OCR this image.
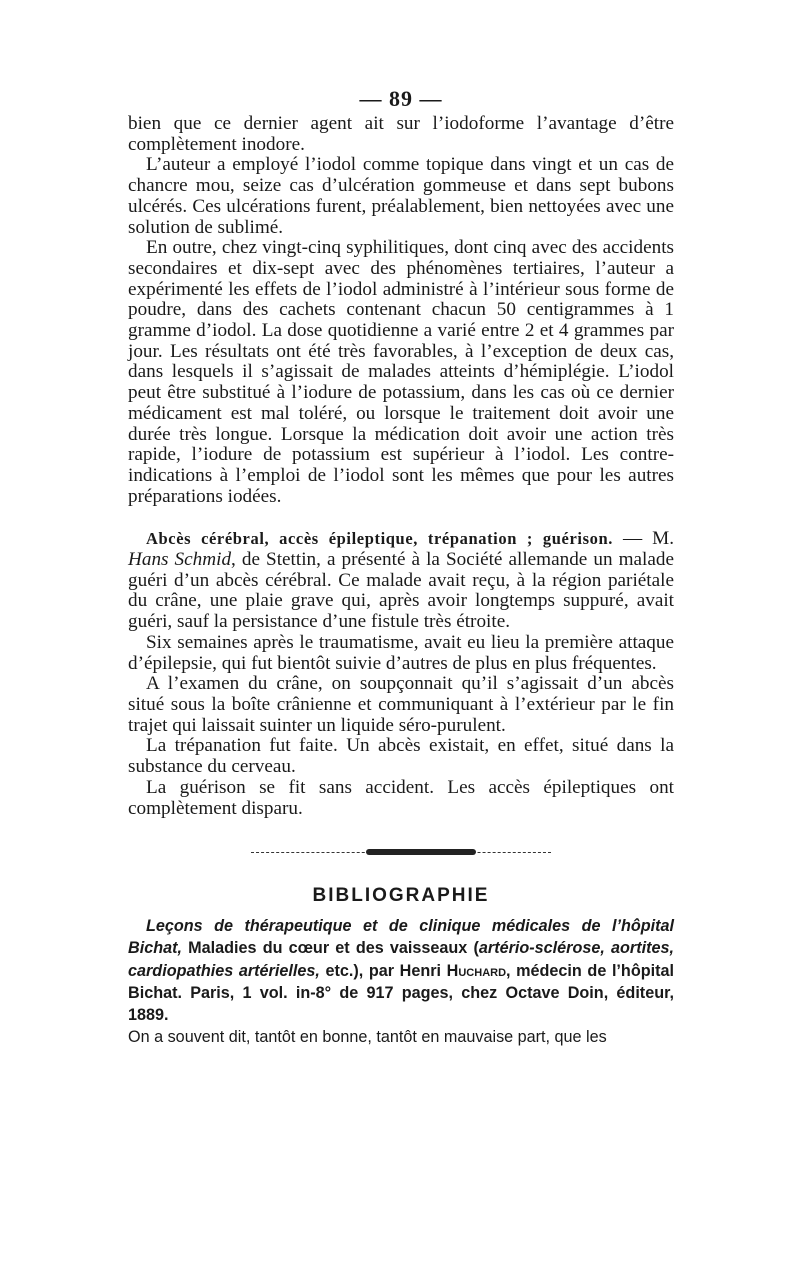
— 89 —

bien que ce dernier agent ait sur l’iodoforme l’avantage d’être complètement inodore.

L’auteur a employé l’iodol comme topique dans vingt et un cas de chancre mou, seize cas d’ulcération gommeuse et dans sept bubons ulcérés. Ces ulcérations furent, préalablement, bien nettoyées avec une solution de sublimé.

En outre, chez vingt-cinq syphilitiques, dont cinq avec des accidents secondaires et dix-sept avec des phénomènes tertiaires, l’auteur a expérimenté les effets de l’iodol administré à l’intérieur sous forme de poudre, dans des cachets contenant chacun 50 centigrammes à 1 gramme d’iodol. La dose quotidienne a varié entre 2 et 4 grammes par jour. Les résultats ont été très favorables, à l’exception de deux cas, dans lesquels il s’agissait de malades atteints d’hémiplégie. L’iodol peut être substitué à l’iodure de potassium, dans les cas où ce dernier médicament est mal toléré, ou lorsque le traitement doit avoir une durée très longue. Lorsque la médication doit avoir une action très rapide, l’iodure de potassium est supérieur à l’iodol. Les contre-indications à l’emploi de l’iodol sont les mêmes que pour les autres préparations iodées.

Abcès cérébral, accès épileptique, trépanation ; guérison. — M. Hans Schmid, de Stettin, a présenté à la Société allemande un malade guéri d’un abcès cérébral. Ce malade avait reçu, à la région pariétale du crâne, une plaie grave qui, après avoir longtemps suppuré, avait guéri, sauf la persistance d’une fistule très étroite.

Six semaines après le traumatisme, avait eu lieu la première attaque d’épilepsie, qui fut bientôt suivie d’autres de plus en plus fréquentes.

A l’examen du crâne, on soupçonnait qu’il s’agissait d’un abcès situé sous la boîte crânienne et communiquant à l’extérieur par le fin trajet qui laissait suinter un liquide séro-purulent.

La trépanation fut faite. Un abcès existait, en effet, situé dans la substance du cerveau.

La guérison se fit sans accident. Les accès épileptiques ont complètement disparu.

BIBLIOGRAPHIE

Leçons de thérapeutique et de clinique médicales de l’hôpital Bichat, Maladies du cœur et des vaisseaux (artério-sclérose, aortites, cardiopathies artérielles, etc.), par Henri Huchard, médecin de l’hôpital Bichat. Paris, 1 vol. in-8° de 917 pages, chez Octave Doin, éditeur, 1889.

On a souvent dit, tantôt en bonne, tantôt en mauvaise part, que les
